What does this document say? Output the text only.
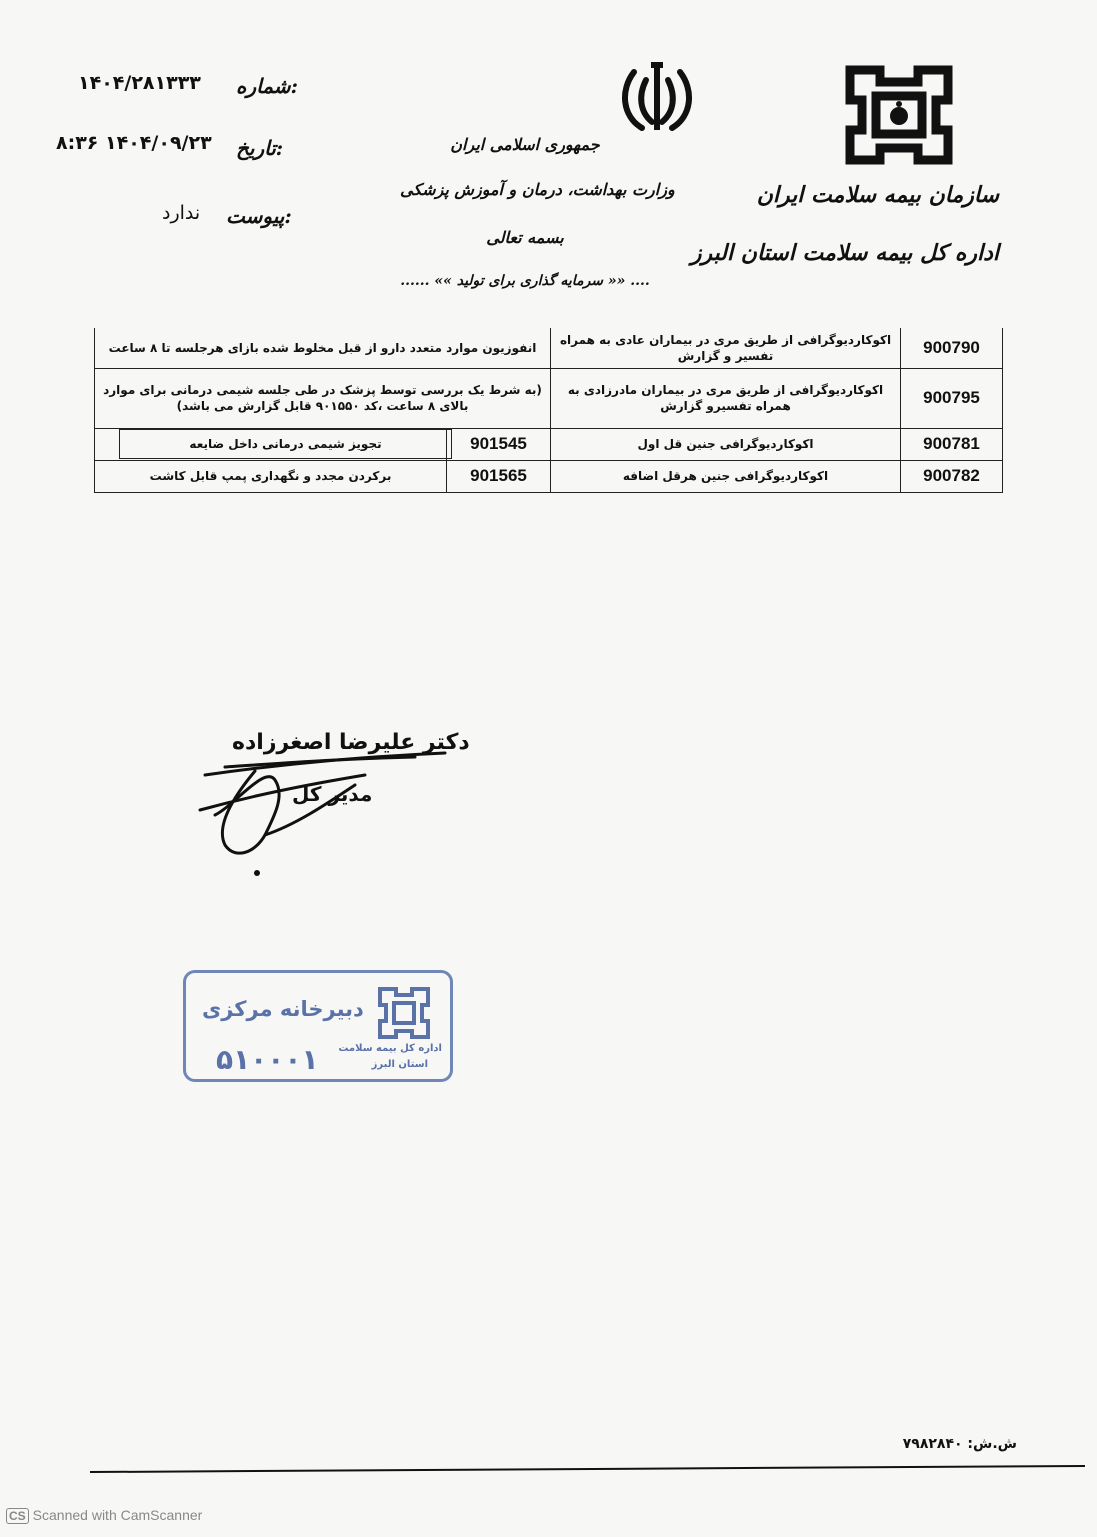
سازمان بیمه سلامت ایران
اداره کل بیمه سلامت استان البرز
جمهوری اسلامی ایران
وزارت بهداشت، درمان و آموزش پزشکی
بسمه تعالی
...... «« سرمایه گذاری برای تولید »» ....
شماره:
۱۴۰۴/۲۸۱۳۳۳
تاریخ:
۱۴۰۴/۰۹/۲۳ ۸:۳۶
پیوست:
ندارد
900790	اکوکاردیوگرافی از طریق مری در بیماران عادی به همراه تفسیر و گزارش	انفوزیون موارد متعدد دارو از قبل مخلوط شده بازای هرجلسه تا ۸ ساعت	
900795	اکوکاردیوگرافی از طریق مری در بیماران مادرزادی به همراه تفسیرو گزارش	(به شرط یک بررسی توسط پزشک در طی جلسه شیمی درمانی برای موارد بالای ۸ ساعت ،کد ۹۰۱۵۵۰ قابل گزارش می باشد)	
900781	اکوکاردیوگرافی جنین قل اول	901545	تجویز شیمی درمانی داخل ضایعه

900782	اکوکاردیوگرافی جنین هرقل اضافه	901565	برکردن مجدد و نگهداری پمپ قابل کاشت
دکتر علیرضا اصغرزاده
مدیر کل
دبیرخانه مرکزی
۵۱۰۰۰۱ اداره کل بیمه سلامت
استان البرز
ش.ش: ۷۹۸۲۸۴۰
CS Scanned with CamScanner
